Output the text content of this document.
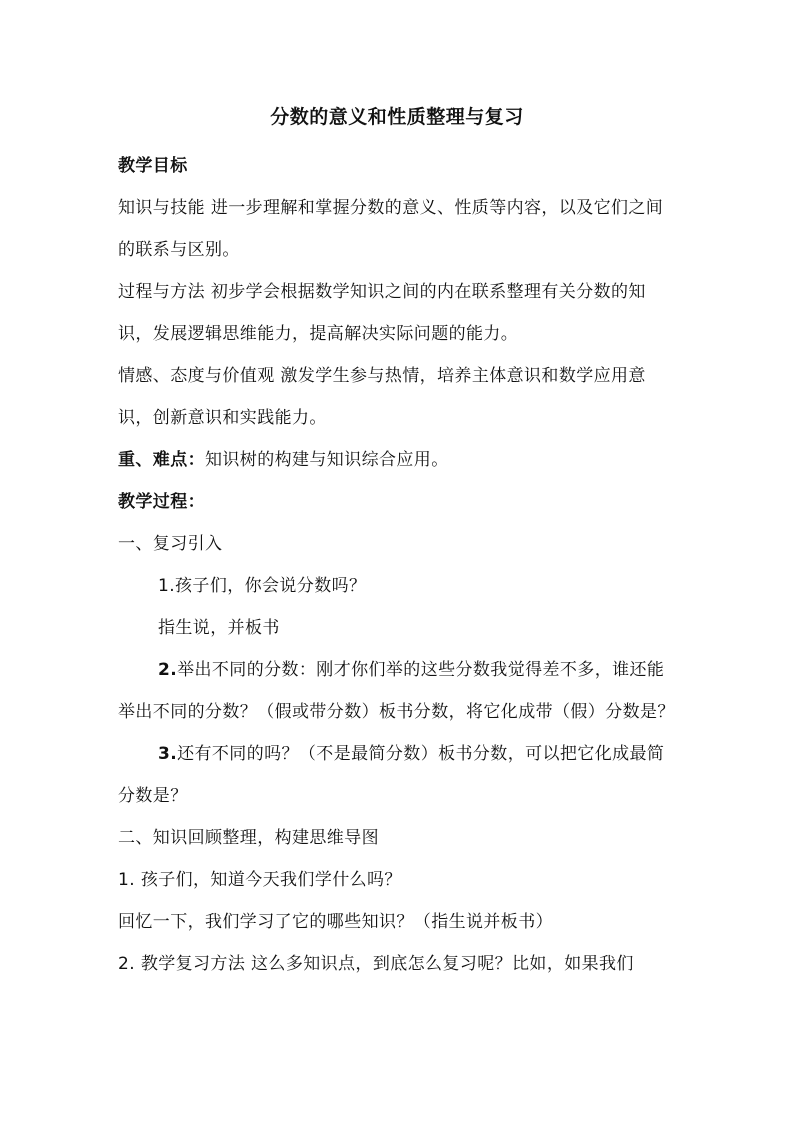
分数的意义和性质整理与复习
教学目标
知识与技能 进一步理解和掌握分数的意义、性质等内容，以及它们之间的联系与区别。
过程与方法 初步学会根据数学知识之间的内在联系整理有关分数的知识，发展逻辑思维能力，提高解决实际问题的能力。
情感、态度与价值观 激发学生参与热情，培养主体意识和数学应用意识，创新意识和实践能力。
重、难点：知识树的构建与知识综合应用。
教学过程：
一、复习引入
1.孩子们，你会说分数吗？
指生说，并板书
2.举出不同的分数：刚才你们举的这些分数我觉得差不多，谁还能举出不同的分数？（假或带分数）板书分数，将它化成带（假）分数是？
3.还有不同的吗？（不是最简分数）板书分数，可以把它化成最简分数是？
二、知识回顾整理，构建思维导图
1. 孩子们，知道今天我们学什么吗？
回忆一下，我们学习了它的哪些知识？（指生说并板书）
2. 教学复习方法 这么多知识点，到底怎么复习呢？比如，如果我们
